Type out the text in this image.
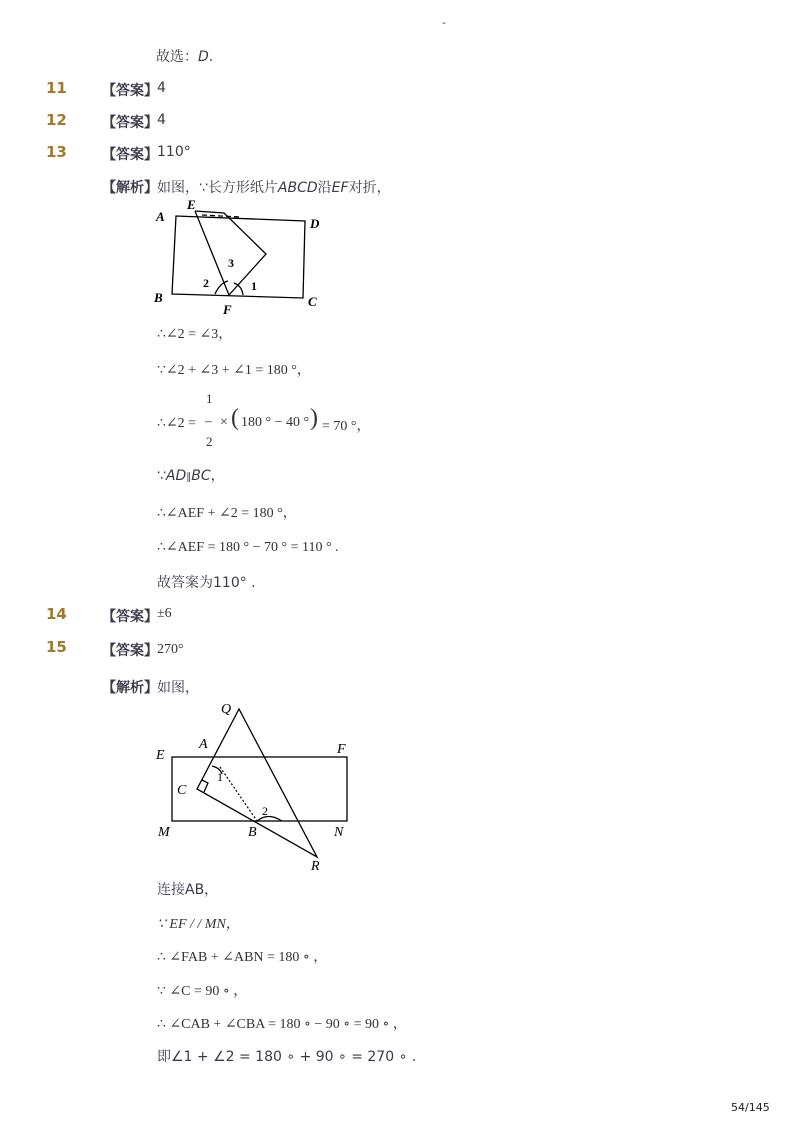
-
故选：D.
11	【答案】 4
12	【答案】 4
13	【答案】 110°
【解析】 如图，∵长方形纸片ABCD沿EF对折，
A
E
D
B	C
F
3
2	1
∴∠2 = ∠3，
∵∠2 + ∠3 + ∠1 = 180 °，
∴∠2 =
1
–
2
× ( 180 ° − 40 ° ) = 70 °，
∵AD∥BC，
∴∠AEF + ∠2 = 180 °，
∴∠AEF = 180 ° − 70 ° = 110 ° .
故答案为110° .
14	【答案】 ±6
15	【答案】 270°
【解析】 如图，
Q
A
E	F
C
M	B	N
R
1
2
连接AB，
∵ EF / / MN，
∴ ∠FAB + ∠ABN = 180 ∘ ，
∵ ∠C = 90 ∘ ，
∴ ∠CAB + ∠CBA = 180 ∘ − 90 ∘ = 90 ∘ ，
即∠1 + ∠2 = 180 ∘ + 90 ∘ = 270 ∘ .
54/145
